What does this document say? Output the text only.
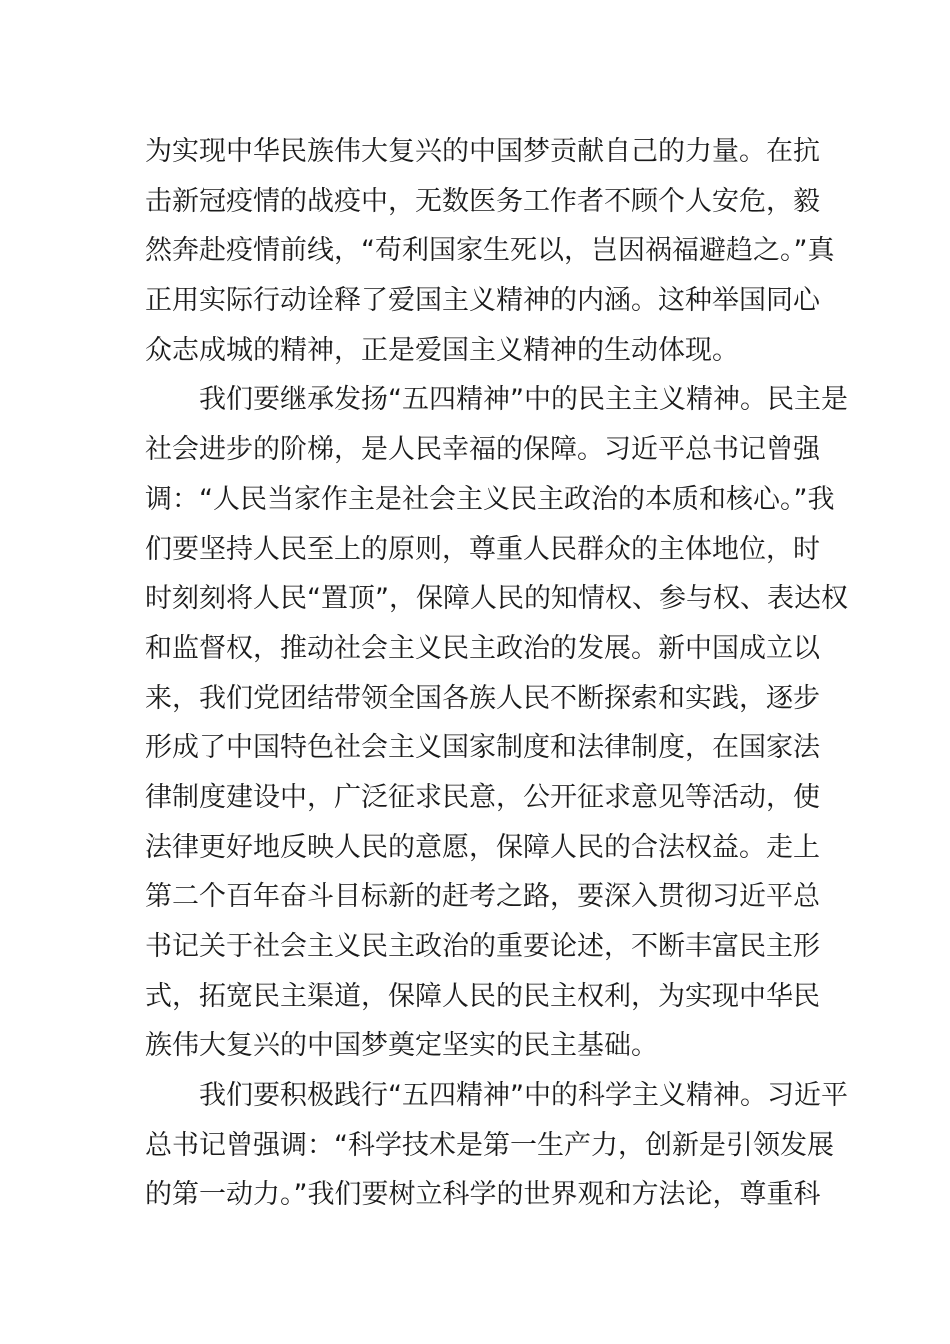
为实现中华民族伟大复兴的中国梦贡献自己的力量。在抗
击新冠疫情的战疫中，无数医务工作者不顾个人安危，毅
然奔赴疫情前线，“苟利国家生死以，岂因祸福避趋之。”真
正用实际行动诠释了爱国主义精神的内涵。这种举国同心
众志成城的精神，正是爱国主义精神的生动体现。
我们要继承发扬“五四精神”中的民主主义精神。民主是
社会进步的阶梯，是人民幸福的保障。习近平总书记曾强
调：“人民当家作主是社会主义民主政治的本质和核心。”我
们要坚持人民至上的原则，尊重人民群众的主体地位，时
时刻刻将人民“置顶”，保障人民的知情权、参与权、表达权
和监督权，推动社会主义民主政治的发展。新中国成立以
来，我们党团结带领全国各族人民不断探索和实践，逐步
形成了中国特色社会主义国家制度和法律制度，在国家法
律制度建设中，广泛征求民意，公开征求意见等活动，使
法律更好地反映人民的意愿，保障人民的合法权益。走上
第二个百年奋斗目标新的赶考之路，要深入贯彻习近平总
书记关于社会主义民主政治的重要论述，不断丰富民主形
式，拓宽民主渠道，保障人民的民主权利，为实现中华民
族伟大复兴的中国梦奠定坚实的民主基础。
我们要积极践行“五四精神”中的科学主义精神。习近平
总书记曾强调：“科学技术是第一生产力，创新是引领发展
的第一动力。”我们要树立科学的世界观和方法论，尊重科
